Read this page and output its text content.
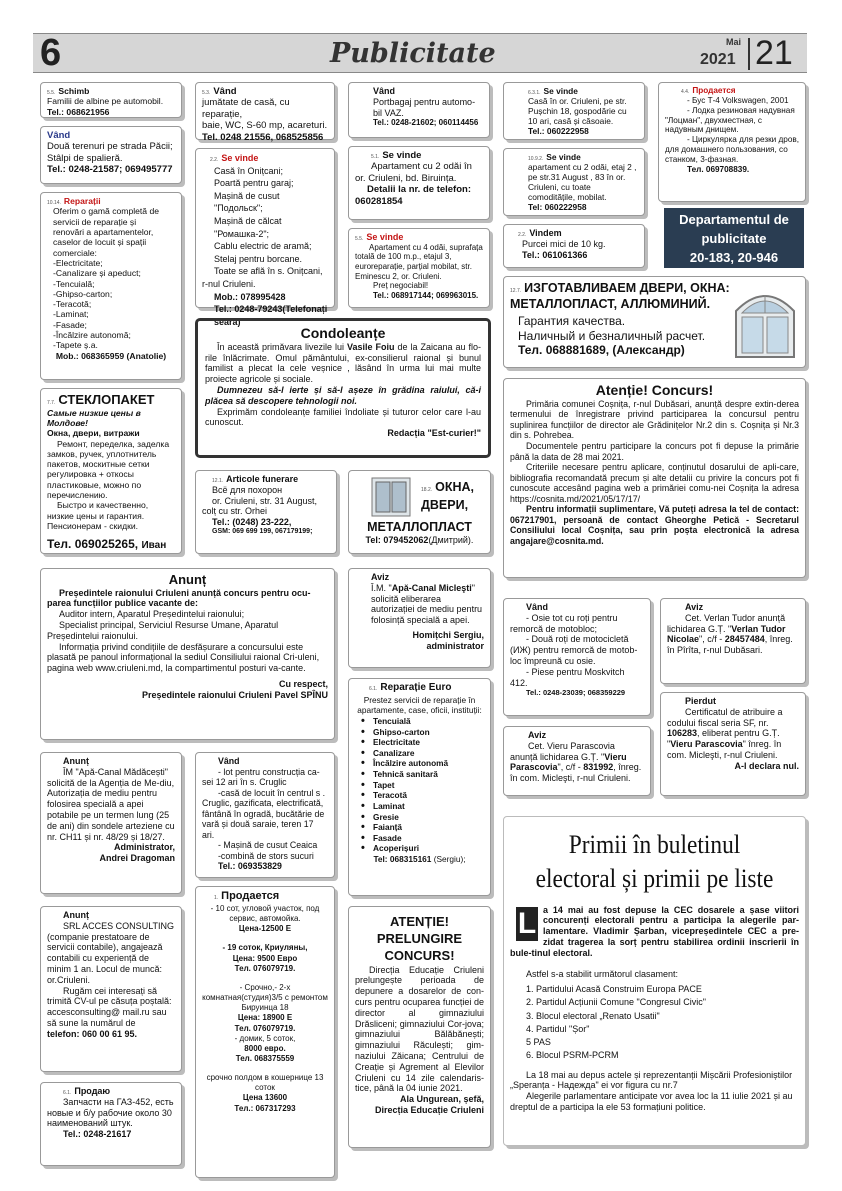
6	Publicitate	Mai
2021 21
5.5. Schimb
Familii de albine pe automobil.
Tel.: 068621956
Vând
Două terenuri pe strada Păcii;
Stâlpi de spalieră.
Tel.: 0248-21587; 069495777
10.14. Reparații
Oferim o gamă completă de
servicii de reparație și
renovări a apartamentelor,
caselor de locuit și spații
comerciale:
-Electricitate;
-Canalizare și apeduct;
-Tencuială;
-Ghipso-carton;
-Teracotă;
-Laminat;
-Fasade;
-Încălzire autonomă;
-Tapete ș.a.
Mob.: 068365959 (Anatolie)
7.7. СТЕКЛОПАКЕТ
Самые низкие цены в Молдове!
Окна, двери, витражи
Ремонт, переделка, заделка замков, ручек, уплотнитель пакетов, москитные сетки регулировка + откосы пластиковые, можно по перечислению.
Быстро и качественно, низкие цены и гарантия. Пенсионерам - скидки.
Тел. 069025265, Иван
5.3. Vând
jumătate de casă, cu reparație,
baie, WC, S-60 mp, acareturi.
Tel. 0248 21556, 068525856
2.2. Se vinde
Casă în Onițcani;
Poartă pentru garaj;
Mașină de cusut "Подольск";
Mașină de călcat "Ромашка-2";
Cablu electric de aramă;
Stelaj pentru borcane.
Toate se află în s. Onițcani, r-nul Criuleni.
Mob.: 078995428
Tel.: 0248-79243(Telefonați seara)
Vând
Portbagaj pentru automo-bil VAZ.
Tel.: 0248-21602; 060114456
5.1. Se vinde
Apartament cu 2 odăi în or. Criuleni, bd. Biruința.
Detalii la nr. de telefon:
060281854
5.5. Se vinde
Apartament cu 4 odăi, suprafața totală de 100 m.p., etajul 3, euroreparație, parțial mobilat, str. Eminescu 2, or. Criuleni.
Preț negociabil!
Tel.: 068917144; 069963015.
6.3.1. Se vinde
Casă în or. Criuleni, pe str. Pușchin 18, gospodărie cu 10 ari, casă și căsoaie.
Tel.: 060222958
10.9.2. Se vinde
apartament cu 2 odăi, etaj 2 , pe str.31 August , 83 în or. Criuleni, cu toate comoditățile, mobilat.
Tel: 060222958
2.2. Vindem
Purcei mici de 10 kg.
Tel.: 061061366
4.4. Продается
- Бус Т-4 Volkswagen, 2001
- Лодка резиновая надувная "Лоцман", двухместная, с надувным днищем.
- Циркулярка для резки дров, для домашнего пользования, со станком, 3-фазная.
Тел. 069708839.
Departamentul de
publicitate
20-183, 20-946
12.7. ИЗГОТАВЛИВАЕМ ДВЕРИ, ОКНА: МЕТАЛЛОПЛАСТ, АЛЛЮМИНИЙ.
Гарантия качества.
Наличный и безналичный расчет.
Тел. 068881689, (Александр)
Condoleanțe
În această primăvara livezile lui Vasile Foiu de la Zaicana au flo-rile înlăcrimate. Omul pământului, ex-consilierul raional și bunul familist a plecat la cele veșnice , lăsând în urma lui mai multe proiecte agricole și sociale.
Dumnezeu să-l ierte și să-l așeze în grădina raiului, că-i plăcea să descopere tehnologii noi.
Exprimăm condoleanțe familiei îndoliate și tuturor celor care l-au cunoscut.
Redacția "Est-curier!"
12.1. Articole funerare
Всё для похорон
or. Criuleni, str. 31 August, colț cu str. Orhei
Tel.: (0248) 23-222,
GSM: 069 699 199, 067179199;
18.2. ОКНА, ДВЕРИ,
МЕТАЛЛОПЛАСТ
Tel: 079452062(Дмитрий).
Atenție! Concurs!
Primăria comunei Coșnița, r-nul Dubăsari, anunță despre extin-derea termenului de înregistrare privind participarea la concursul pentru suplinirea funcțiilor de director ale Grădinițelor Nr.2 din s. Coșnița și Nr.3 din s. Pohrebea.
Documentele pentru participare la concurs pot fi depuse la primărie până la data de 28 mai 2021.
Criteriile necesare pentru aplicare, conținutul dosarului de apli-care, bibliografia recomandată precum și alte detalii cu privire la concurs pot fi cunoscute accesând pagina web a primăriei comu-nei Coșnița la adresa https://cosnita.md/2021/05/17/17/
Pentru informații suplimentare, Vă puteți adresa la tel de contact: 067217901, persoană de contact Gheorghe Petică - Secretarul Consiliului local Coșnița, sau prin poșta electronică la adresa angajare@cosnita.md.
Anunț
Președintele raionului Criuleni anunță concurs pentru ocu-parea funcțiilor publice vacante de:
Auditor intern, Aparatul Președintelui raionului;
Specialist principal, Serviciul Resurse Umane, Aparatul Președintelui raionului.
Informația privind condițiile de desfășurare a concursului este plasată pe panoul informațional la sediul Consiliului raional Cri-uleni, pagina web www.criuleni.md, la compartimentul posturi va-cante.
Cu respect,
Președintele raionului Criuleni Pavel SPÎNU
Aviz
Î.M. "Apă-Canal Micleşti" solicită eliberarea autorizației de mediu pentru folosință specială a apei.
Homițchi Sergiu,
administrator
6.1. Reparație Euro
Prestez servicii de reparație în apartamente, case, oficii, instituții:
• Tencuială
• Ghipso-carton
• Electricitate
• Canalizare
• Încălzire autonomă
• Tehnică sanitară
• Tapet
• Teracotă
• Laminat
• Gresie
• Faianță
• Fasade
• Acoperișuri
Tel: 068315161 (Sergiu);
Vând
- Osie tot cu roți pentru remorcă de motobloc;
- Două roți de motocicletă (ИЖ) pentru remorcă de motob-loc împreună cu osie.
- Piese pentru Moskvitch 412.
Tel.: 0248-23039; 068359229
Aviz
Cet. Verlan Tudor anunță lichidarea G.Ț. "Verlan Tudor Nicolae", c/f - 28457484, înreg. în Pîrîta, r-nul Dubăsari.
Pierdut
Certificatul de atribuire a codului fiscal seria SF, nr. 106283, eliberat pentru G.Ț. "Vieru Parascovia" înreg. în com. Micleşti, r-nul Criuleni.
A-l declara nul.
Aviz
Cet. Vieru Parascovia anunță lichidarea G.Ț. "Vieru Parascovia", c/f - 831992, înreg. în com. Micleşti, r-nul Criuleni.
Anunț
ÎM "Apă-Canal Mădăcești" solicită de la Agenția de Me-diu, Autorizația de mediu pentru folosirea specială a apei potabile pe un termen lung (25 de ani) din sondele arteziene cu nr. CH11 și nr. 48/29 și 18/27.
Administrator,
Andrei Dragoman
Vând
- lot pentru construcția ca-sei 12 ari în s. Cruglic
-casă de locuit în centrul s . Cruglic, gazificata, electrificată, fântână în ogradă, bucătărie de vară și două saraie, teren 17 ari.
- Mașină de cusut Ceaica
-combină de stors sucuri
Tel.: 069353829
1. Продается
- 10 сот, угловой участок, под сервис, автомойка.
Цена-12500 Е
- 19 соток, Криуляны,
Цена: 9500 Евро
Тел. 076079719.
- Срочно,- 2-х комнатная(студия)3/5 с ремонтом Бируинца 18
Цена: 18900 Е
Тел. 076079719.
- домик, 5 соток,
8000 евро.
Тел. 068375559
срочно полдом в кошернице 13 соток
Цена 13600
Тел.: 067317293
Anunț
SRL ACCES CONSULTING (companie prestatoare de servicii contabile), angajează contabili cu experiență de minim 1 an. Locul de muncă: or.Criuleni.
Rugăm cei interesați să trimită CV-ul pe căsuța poștală: accesconsulting@ mail.ru sau să sune la numărul de
telefon: 060 00 61 95.
6.1. Продаю
Запчасти на ГАЗ-452, есть новые и б/у рабочие около 30 наименований штук.
Tel.: 0248-21617
ATENȚIE!
PRELUNGIRE
CONCURS!
Direcția Educație Criuleni prelungește perioada de depunere a dosarelor de con-curs pentru ocuparea funcției de director al gimnaziului Drăsliceni; gimnaziului Cor-jova; gimnaziului Bălăbănești; gimnaziului Răculești; gim-naziului Zăicana; Centrului de Creație și Agrement al Elevilor Criuleni cu 14 zile calendaris-tice, până la 04 iunie 2021.
Ala Ungurean, șefă,
Direcția Educație Criuleni
Primii în buletinul
electoral și primii pe liste
L a 14 mai au fost depuse la CEC dosarele a șase viitori concurenți electorali pentru a participa la alegerile par-lamentare. Vladimir Șarban, vicepreședintele CEC a pre-zidat tragerea la sorț pentru stabilirea ordinii inscrierii în bule-tinul electoral.
Astfel s-a stabilit următorul clasament:
1. Partidului Acasă Construim Europa PACE
2. Partidul Acțiunii Comune "Congresul Civic"
3. Blocul electoral „Renato Usatii"
4. Partidul "Șor"
5 PAS
6. Blocul PSRM-PCRM
La 18 mai au depus actele și reprezentanții Mișcării Profesioniștilor „Speranța - Надежда" ei vor figura cu nr.7
Alegerile parlamentare anticipate vor avea loc la 11 iulie 2021 și au dreptul de a participa la ele 53 formațiuni politice.
